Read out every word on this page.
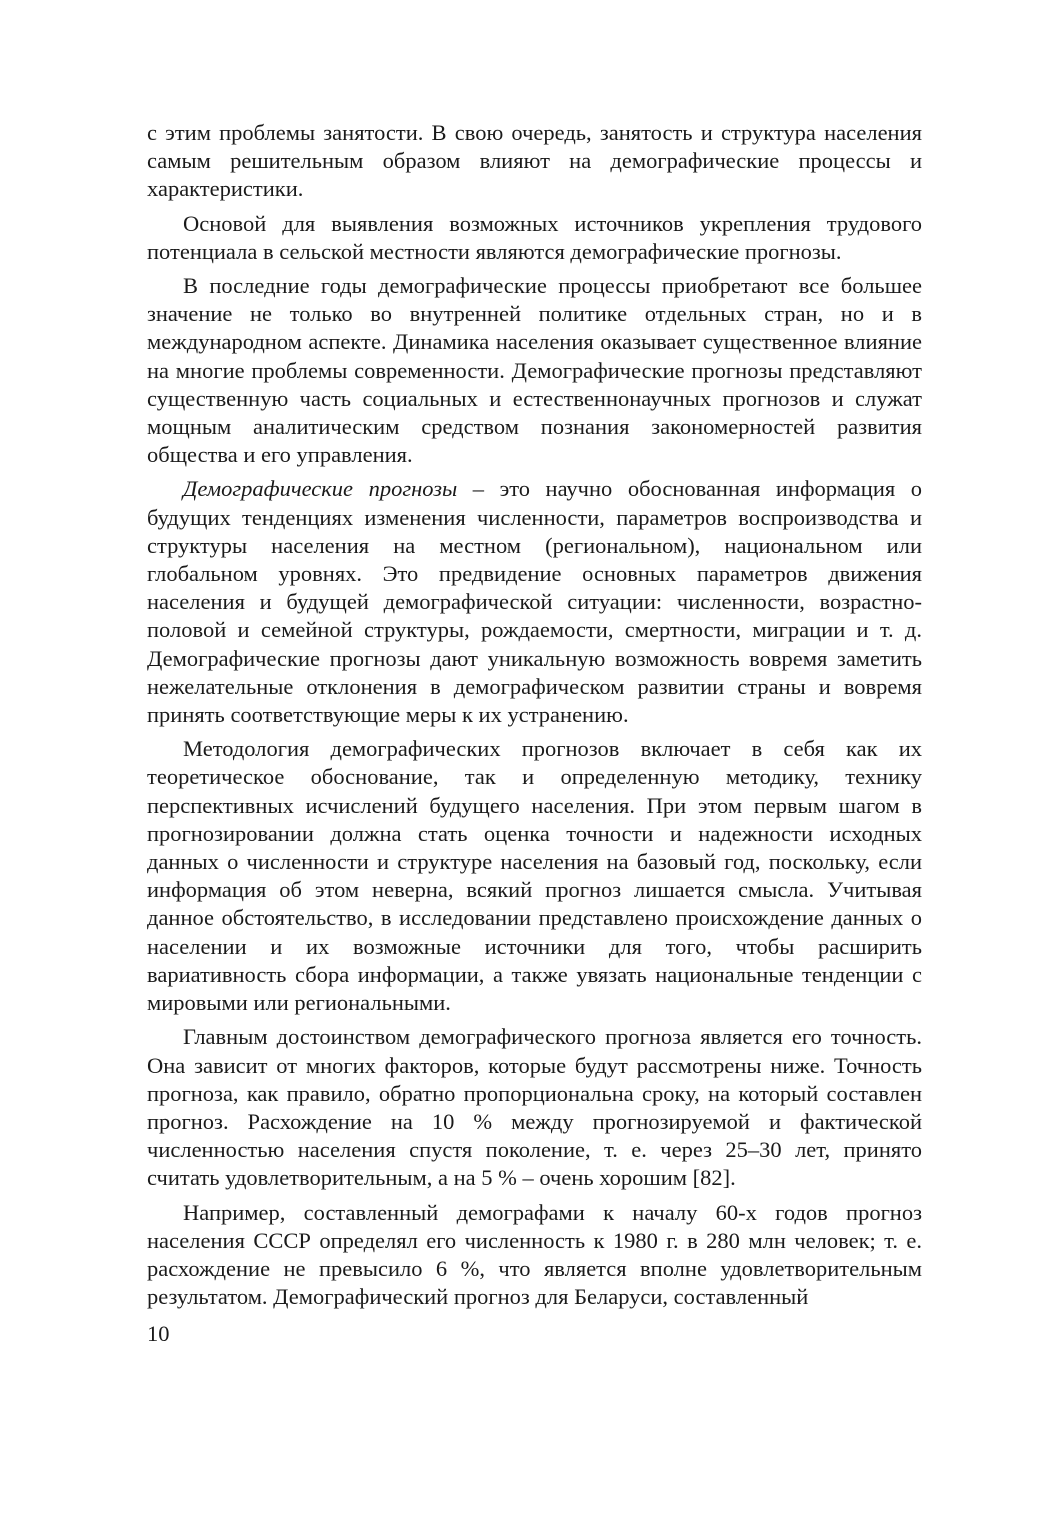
с этим проблемы занятости. В свою очередь, занятость и структура населения самым решительным образом влияют на демографические процессы и характеристики.

Основой для выявления возможных источников укрепления трудового потенциала в сельской местности являются демографические прогнозы.

В последние годы демографические процессы приобретают все большее значение не только во внутренней политике отдельных стран, но и в международном аспекте. Динамика населения оказывает существенное влияние на многие проблемы современности. Демографические прогнозы представляют существенную часть социальных и естественнонаучных прогнозов и служат мощным аналитическим средством познания закономерностей развития общества и его управления.

Демографические прогнозы – это научно обоснованная информация о будущих тенденциях изменения численности, параметров воспроизводства и структуры населения на местном (региональном), национальном или глобальном уровнях. Это предвидение основных параметров движения населения и будущей демографической ситуации: численности, возрастно-половой и семейной структуры, рождаемости, смертности, миграции и т. д. Демографические прогнозы дают уникальную возможность вовремя заметить нежелательные отклонения в демографическом развитии страны и вовремя принять соответствующие меры к их устранению.

Методология демографических прогнозов включает в себя как их теоретическое обоснование, так и определенную методику, технику перспективных исчислений будущего населения. При этом первым шагом в прогнозировании должна стать оценка точности и надежности исходных данных о численности и структуре населения на базовый год, поскольку, если информация об этом неверна, всякий прогноз лишается смысла. Учитывая данное обстоятельство, в исследовании представлено происхождение данных о населении и их возможные источники для того, чтобы расширить вариативность сбора информации, а также увязать национальные тенденции с мировыми или региональными.

Главным достоинством демографического прогноза является его точность. Она зависит от многих факторов, которые будут рассмотрены ниже. Точность прогноза, как правило, обратно пропорциональна сроку, на который составлен прогноз. Расхождение на 10 % между прогнозируемой и фактической численностью населения спустя поколение, т. е. через 25–30 лет, принято считать удовлетворительным, а на 5 % – очень хорошим [82].

Например, составленный демографами к началу 60-х годов прогноз населения СССР определял его численность к 1980 г. в 280 млн человек; т. е. расхождение не превысило 6 %, что является вполне удовлетворительным результатом. Демографический прогноз для Беларуси, составленный

10
